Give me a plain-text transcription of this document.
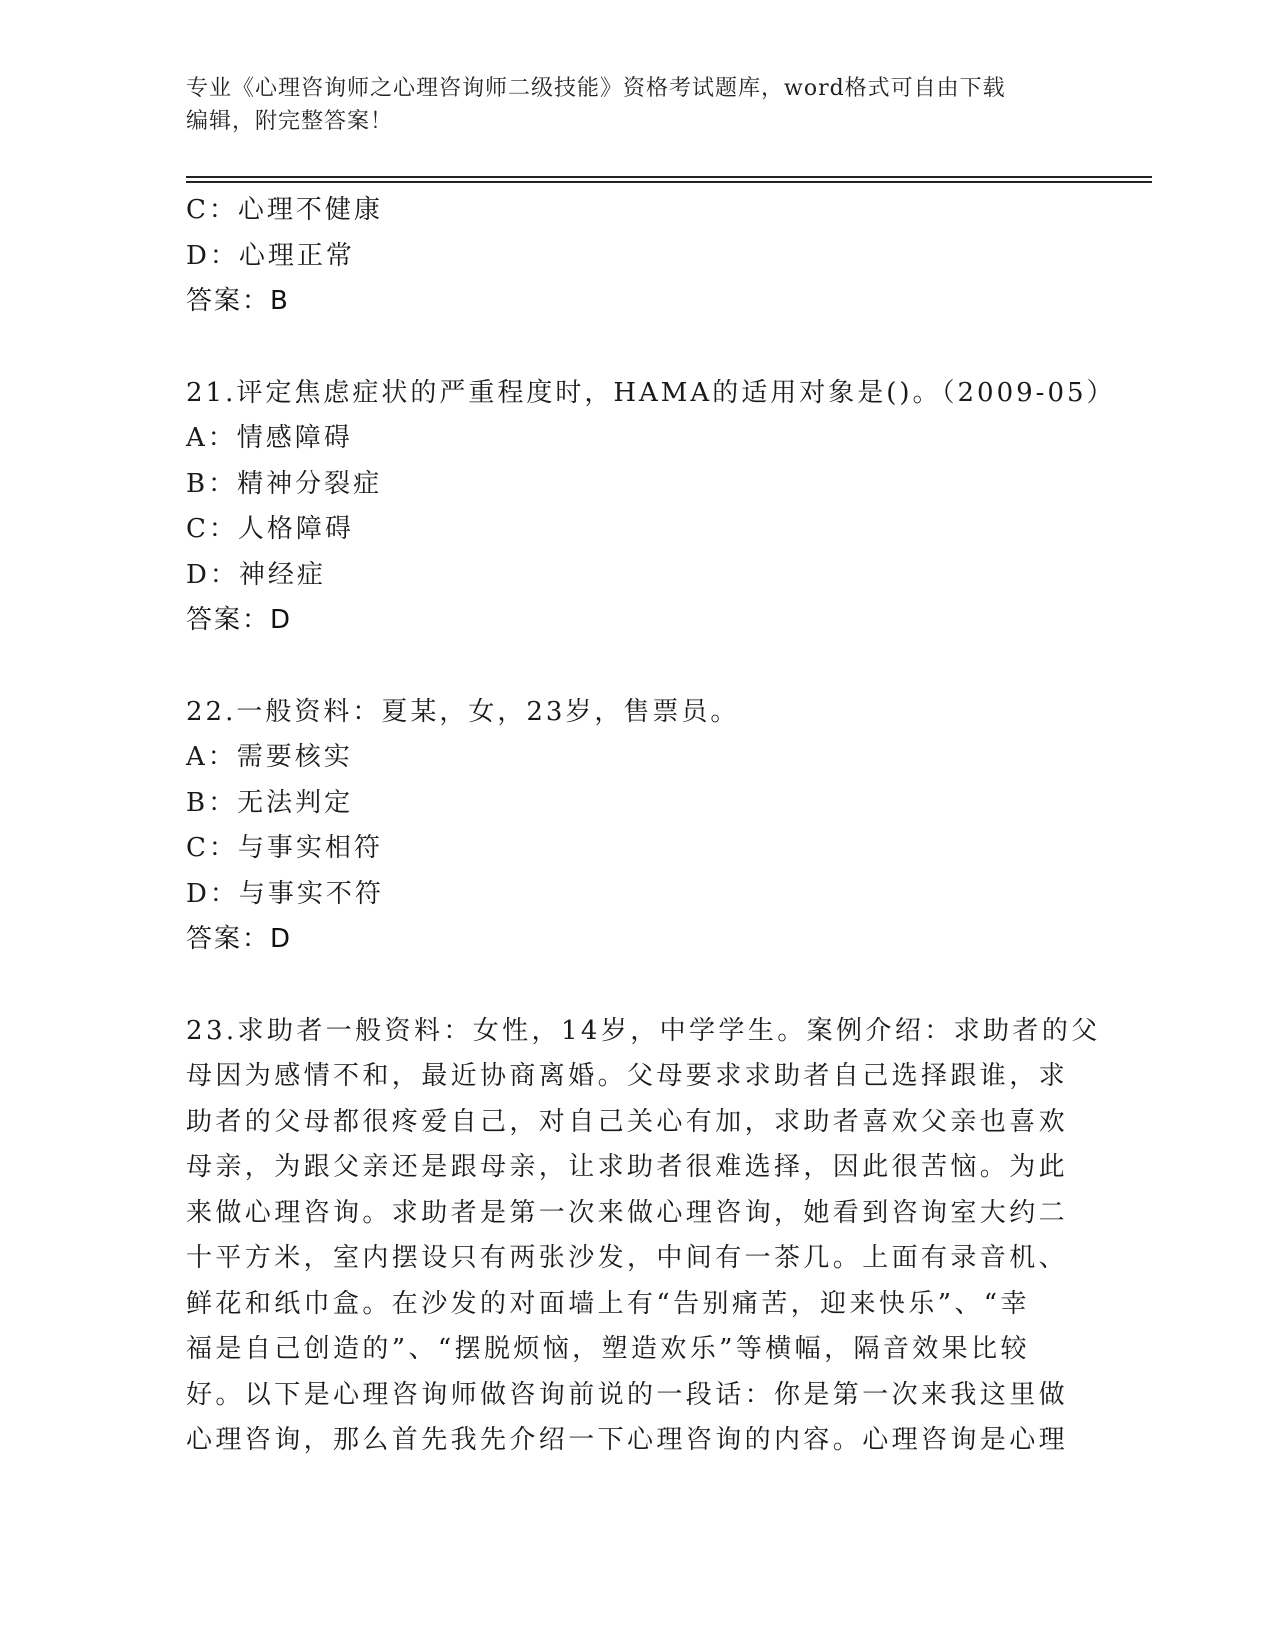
专业《心理咨询师之心理咨询师二级技能》资格考试题库，word格式可自由下载
编辑，附完整答案！
C：心理不健康
D：心理正常
答案：B
21.评定焦虑症状的严重程度时，HAMA的适用对象是()。（2009-05）
A：情感障碍
B：精神分裂症
C：人格障碍
D：神经症
答案：D
22.一般资料：夏某，女，23岁，售票员。
A：需要核实
B：无法判定
C：与事实相符
D：与事实不符
答案：D
23.求助者一般资料：女性，14岁，中学学生。案例介绍：求助者的父
母因为感情不和，最近协商离婚。父母要求求助者自己选择跟谁，求
助者的父母都很疼爱自己，对自己关心有加，求助者喜欢父亲也喜欢
母亲，为跟父亲还是跟母亲，让求助者很难选择，因此很苦恼。为此
来做心理咨询。求助者是第一次来做心理咨询，她看到咨询室大约二
十平方米，室内摆设只有两张沙发，中间有一茶几。上面有录音机、
鲜花和纸巾盒。在沙发的对面墙上有“告别痛苦，迎来快乐”、“幸
福是自己创造的”、“摆脱烦恼，塑造欢乐”等横幅，隔音效果比较
好。以下是心理咨询师做咨询前说的一段话：你是第一次来我这里做
心理咨询，那么首先我先介绍一下心理咨询的内容。心理咨询是心理
